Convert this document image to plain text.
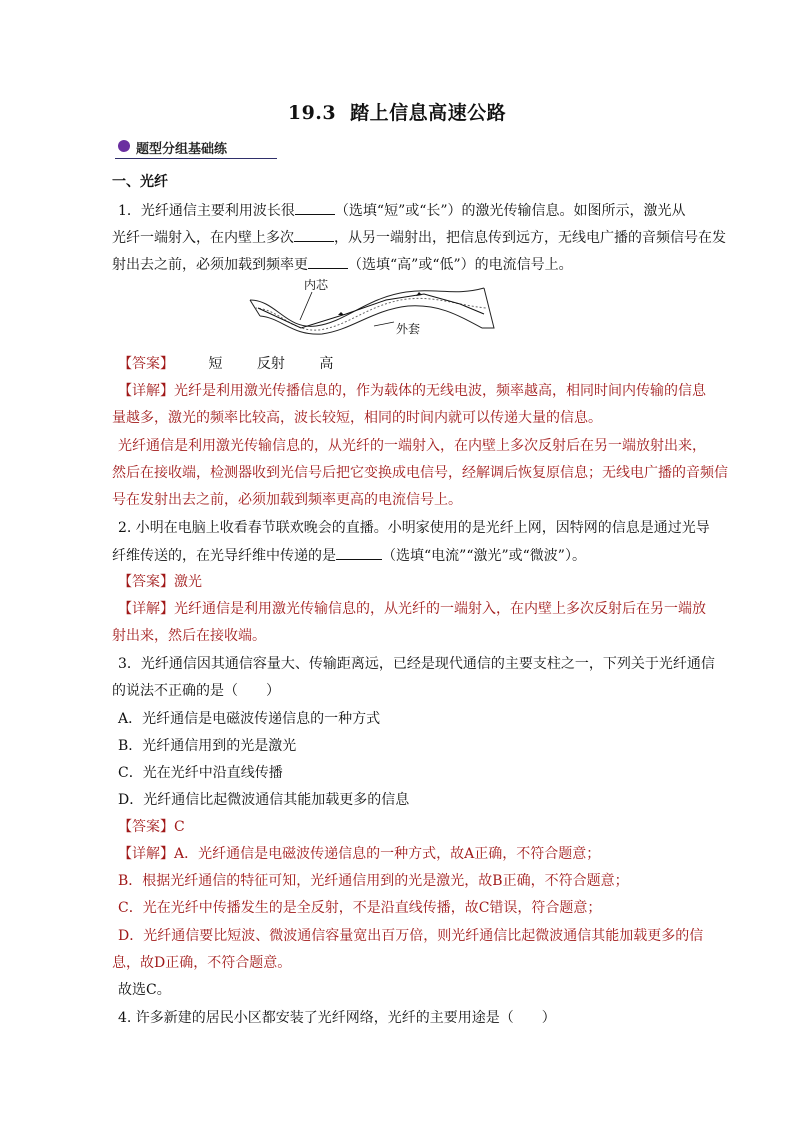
19.3 踏上信息高速公路
题型分组基础练
一、光纤
1．光纤通信主要利用波长很	（选填“短”或“长”）的激光传输信息。如图所示，激光从
光纤一端射入，在内壁上多次	，从另一端射出，把信息传到远方，无线电广播的音频信号在发
射出去之前，必须加载到频率更	（选填“高”或“低”）的电流信号上。
内芯
外套
【答案】 短 反射 高
【详解】光纤是利用激光传播信息的，作为载体的无线电波，频率越高，相同时间内传输的信息
量越多，激光的频率比较高，波长较短，相同的时间内就可以传递大量的信息。
光纤通信是利用激光传输信息的，从光纤的一端射入，在内壁上多次反射后在另一端放射出来，
然后在接收端，检测器收到光信号后把它变换成电信号，经解调后恢复原信息；无线电广播的音频信
号在发射出去之前，必须加载到频率更高的电流信号上。
2. 小明在电脑上收看春节联欢晚会的直播。小明家使用的是光纤上网，因特网的信息是通过光导
纤维传送的，在光导纤维中传递的是	（选填“电流”“激光”或“微波”）。
【答案】激光
【详解】光纤通信是利用激光传输信息的，从光纤的一端射入，在内壁上多次反射后在另一端放
射出来，然后在接收端。
3．光纤通信因其通信容量大、传输距离远，已经是现代通信的主要支柱之一，下列关于光纤通信
的说法不正确的是（　　）
A．光纤通信是电磁波传递信息的一种方式
B．光纤通信用到的光是激光
C．光在光纤中沿直线传播
D．光纤通信比起微波通信其能加载更多的信息
【答案】C
【详解】A．光纤通信是电磁波传递信息的一种方式，故A正确，不符合题意；
B．根据光纤通信的特征可知，光纤通信用到的光是激光，故B正确，不符合题意；
C．光在光纤中传播发生的是全反射，不是沿直线传播，故C错误，符合题意；
D．光纤通信要比短波、微波通信容量宽出百万倍，则光纤通信比起微波通信其能加载更多的信
息，故D正确，不符合题意。
故选C。
4. 许多新建的居民小区都安装了光纤网络，光纤的主要用途是（　　）
